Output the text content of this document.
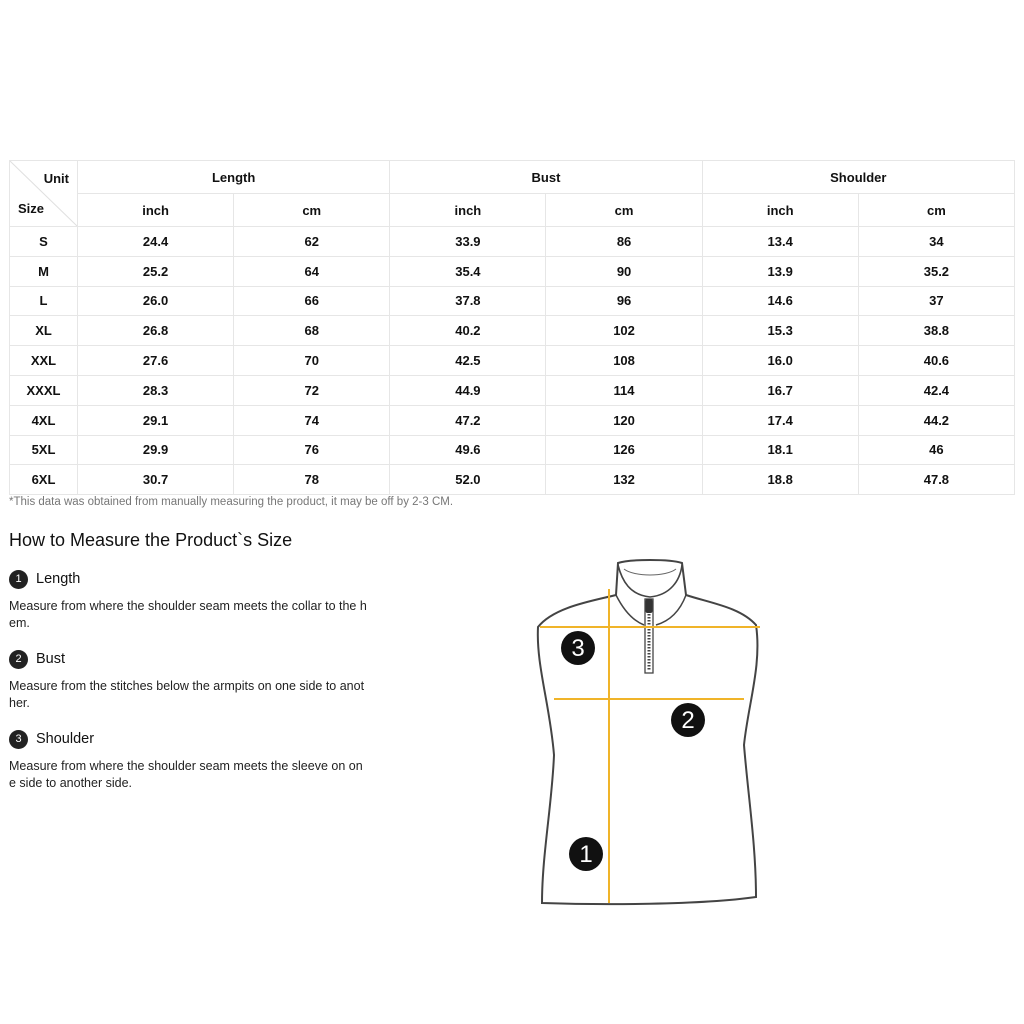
Unit
Size	Length		Bust		Shoulder	
	inch	cm	inch	cm	inch	cm
S	24.4	62	33.9	86	13.4	34
M	25.2	64	35.4	90	13.9	35.2
L	26.0	66	37.8	96	14.6	37
XL	26.8	68	40.2	102	15.3	38.8
XXL	27.6	70	42.5	108	16.0	40.6
XXXL	28.3	72	44.9	114	16.7	42.4
4XL	29.1	74	47.2	120	17.4	44.2
5XL	29.9	76	49.6	126	18.1	46
6XL	30.7	78	52.0	132	18.8	47.8
*This data was obtained from manually measuring the product, it may be off by 2-3 CM.
How to Measure the Product`s Size
1 Length
Measure from where the shoulder seam meets the collar to the hem.
2 Bust
Measure from the stitches below the armpits on one side to another.
3 Shoulder
Measure from where the shoulder seam meets the sleeve on one side to another side.
3
2
1
